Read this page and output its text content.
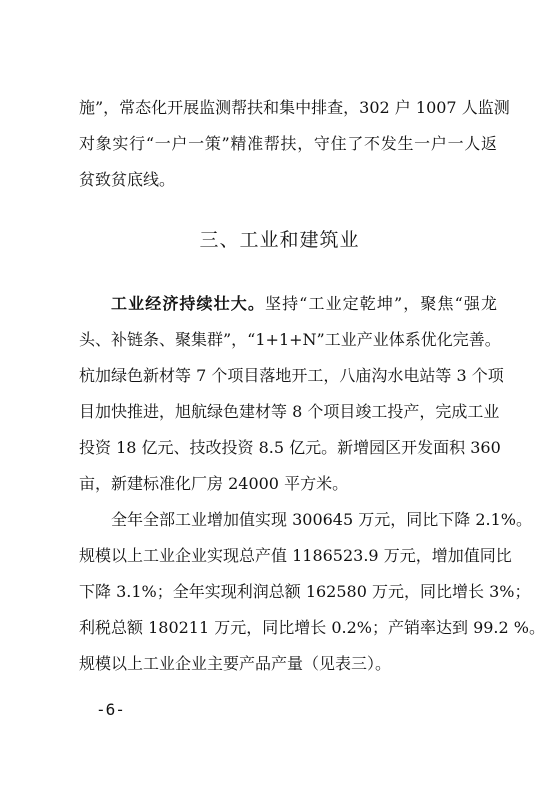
施”，常态化开展监测帮扶和集中排查，302 户 1007 人监测
对象实行“一户一策”精准帮扶，守住了不发生一户一人返
贫致贫底线。
三、工业和建筑业
工业经济持续壮大。坚持“工业定乾坤”，聚焦“强龙
头、补链条、聚集群”，“1+1+N”工业产业体系优化完善。
杭加绿色新材等 7 个项目落地开工，八庙沟水电站等 3 个项
目加快推进，旭航绿色建材等 8 个项目竣工投产，完成工业
投资 18 亿元、技改投资 8.5 亿元。新增园区开发面积 360
亩，新建标准化厂房 24000 平方米。
全年全部工业增加值实现 300645 万元，同比下降 2.1%。
规模以上工业企业实现总产值 1186523.9 万元，增加值同比
下降 3.1%；全年实现利润总额 162580 万元，同比增长 3%；
利税总额 180211 万元，同比增长 0.2%；产销率达到 99.2 %。
规模以上工业企业主要产品产量（见表三）。
-6-
